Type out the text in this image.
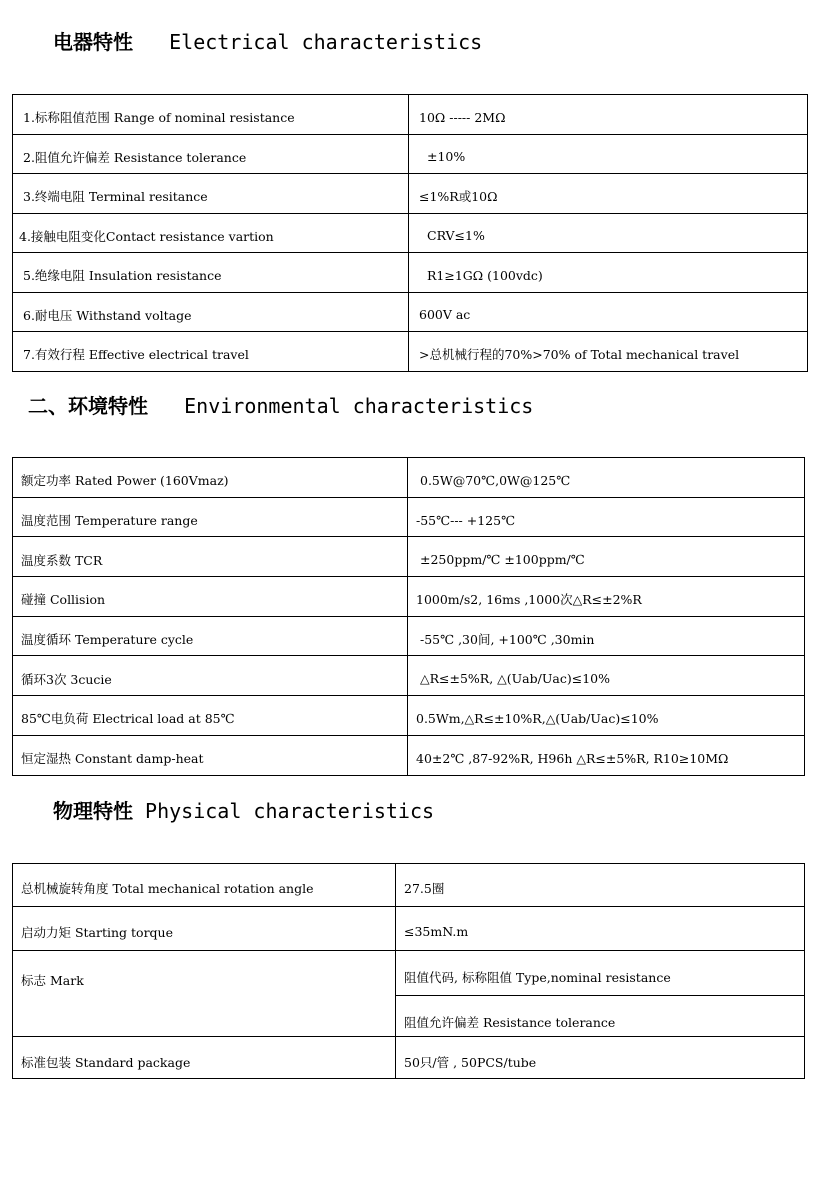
电器特性 Electrical characteristics
1.标称阻值范围 Range of nominal resistance	10Ω ----- 2MΩ
2.阻值允许偏差 Resistance tolerance	±10%
3.终端电阻 Terminal resitance	≤1%R或10Ω
4.接触电阻变化Contact resistance vartion	CRV≤1%
5.绝缘电阻 Insulation resistance	R1≥1GΩ (100vdc)
6.耐电压 Withstand voltage	600V ac
7.有效行程 Effective electrical travel	>总机械行程的70%>70% of Total mechanical travel
二、环境特性 Environmental characteristics
额定功率 Rated Power (160Vmaz)	0.5W@70℃,0W@125℃
温度范围 Temperature range	-55℃--- +125℃
温度系数 TCR	±250ppm/℃ ±100ppm/℃
碰撞 Collision	1000m/s2, 16ms ,1000次△R≤±2%R
温度循环 Temperature cycle	-55℃ ,30间, +100℃ ,30min
循环3次 3cucie	△R≤±5%R, △(Uab/Uac)≤10%
85℃电负荷 Electrical load at 85℃	0.5Wm,△R≤±10%R,△(Uab/Uac)≤10%
恒定湿热 Constant damp-heat	40±2℃ ,87-92%R, H96h △R≤±5%R, R10≥10MΩ
物理特性 Physical characteristics
总机械旋转角度 Total mechanical rotation angle	27.5圈
启动力矩 Starting torque	≤35mN.m
标志 Mark	阻值代码, 标称阻值 Type,nominal resistance
	阻值允许偏差 Resistance tolerance
标准包装 Standard package	50只/管 , 50PCS/tube
